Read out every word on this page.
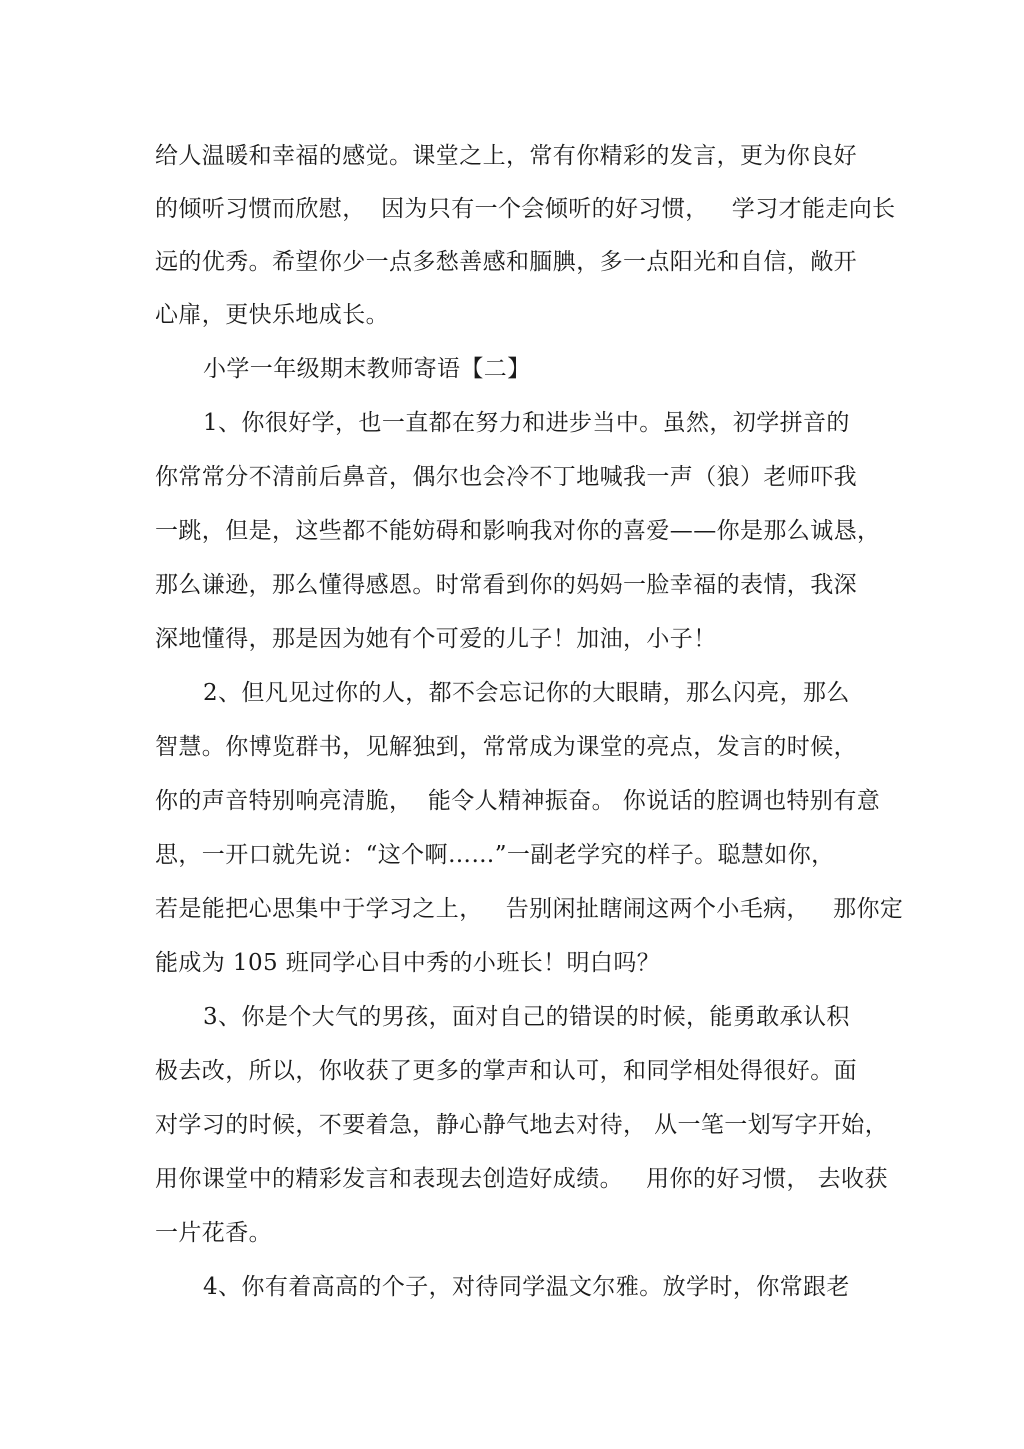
给人温暖和幸福的感觉。课堂之上，常有你精彩的发言，更为你良好
的倾听习惯而欣慰，  因为只有一个会倾听的好习惯，   学习才能走向长
远的优秀。希望你少一点多愁善感和腼腆，多一点阳光和自信，敞开
心扉，更快乐地成长。
小学一年级期末教师寄语【二】
1、你很好学，也一直都在努力和进步当中。虽然，初学拼音的
你常常分不清前后鼻音，偶尔也会冷不丁地喊我一声（狼）老师吓我
一跳，但是，这些都不能妨碍和影响我对你的喜爱——你是那么诚恳，
那么谦逊，那么懂得感恩。时常看到你的妈妈一脸幸福的表情，我深
深地懂得，那是因为她有个可爱的儿子！加油，小子！
2、但凡见过你的人，都不会忘记你的大眼睛，那么闪亮，那么
智慧。你博览群书，见解独到，常常成为课堂的亮点，发言的时候，
你的声音特别响亮清脆，  能令人精神振奋。 你说话的腔调也特别有意
思，一开口就先说：“这个啊……”一副老学究的样子。聪慧如你，
若是能把心思集中于学习之上，   告别闲扯瞎闹这两个小毛病，   那你定
能成为 105 班同学心目中秀的小班长！明白吗？
3、你是个大气的男孩，面对自己的错误的时候，能勇敢承认积
极去改，所以，你收获了更多的掌声和认可，和同学相处得很好。面
对学习的时候，不要着急，静心静气地去对待， 从一笔一划写字开始，
用你课堂中的精彩发言和表现去创造好成绩。   用你的好习惯， 去收获
一片花香。
4、你有着高高的个子，对待同学温文尔雅。放学时，你常跟老
